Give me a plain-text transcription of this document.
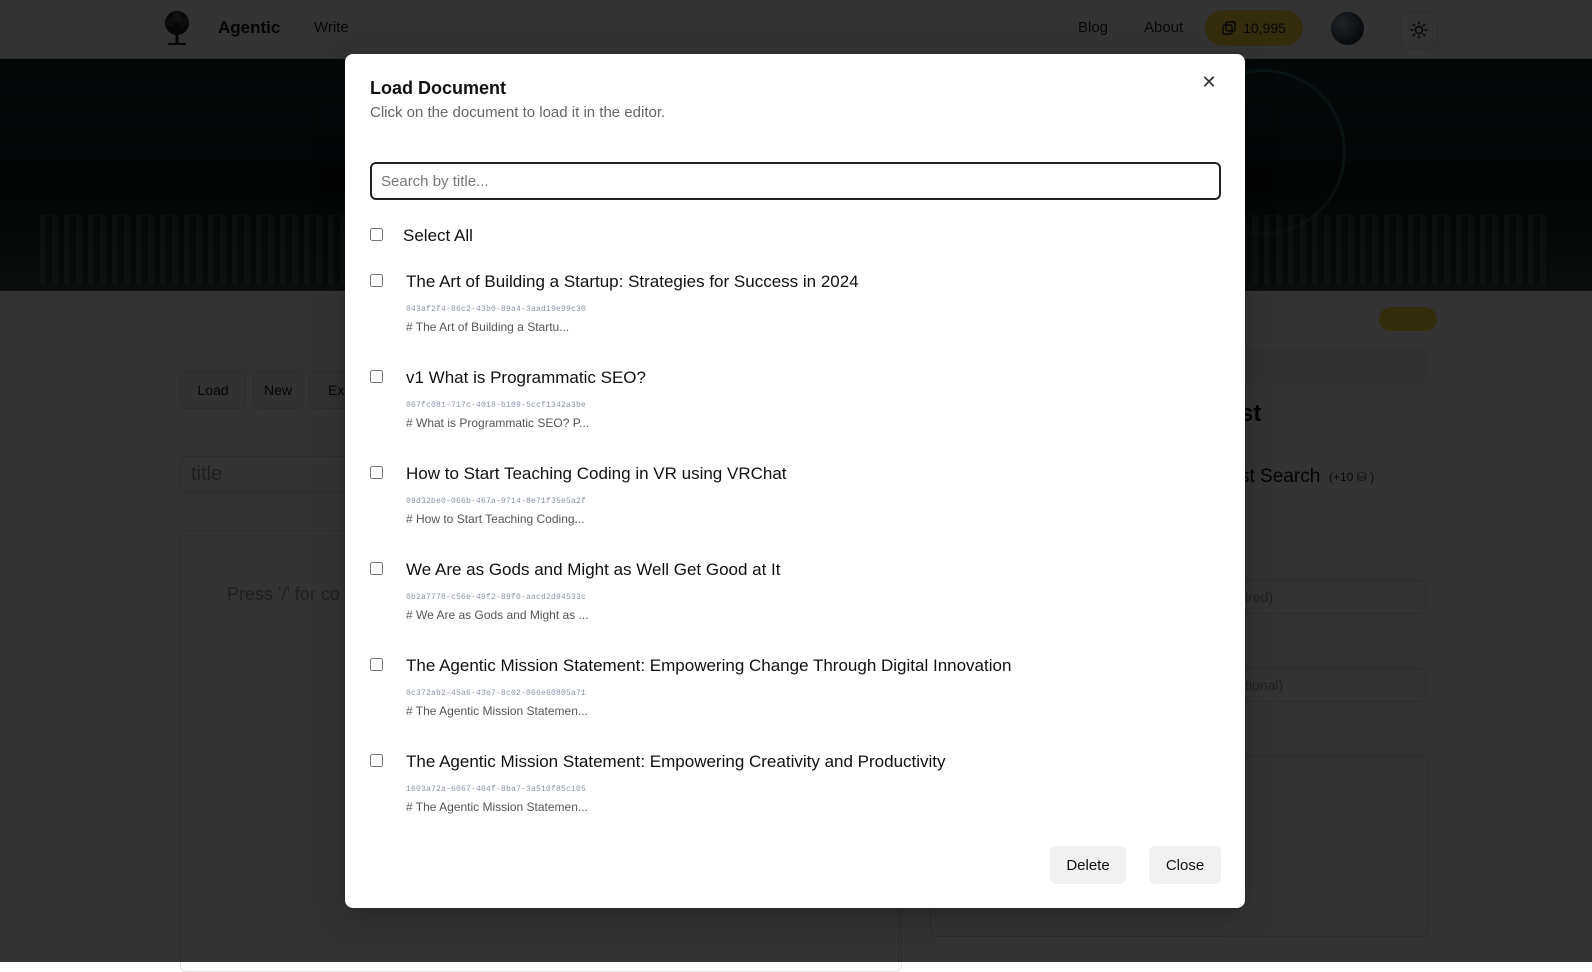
Load Document
Click on the document to load it in the editor.
✕
Search by title...
Select All
The Art of Building a Startup: Strategies for Success in 2024
043af2f4-86c2-43b0-89a4-3aad19e99c30
# The Art of Building a Startu...
v1 What is Programmatic SEO?
067fc081-717c-4018-b109-5ccf1342a3be
# What is Programmatic SEO? P...
How to Start Teaching Coding in VR using VRChat
09d32be0-066b-467a-9714-8e71f35e5a2f
# How to Start Teaching Coding...
We Are as Gods and Might as Well Get Good at It
0b2a7778-c56e-49f2-89f0-aacd2d94533c
# We Are as Gods and Might as ...
The Agentic Mission Statement: Empowering Change Through Digital Innovation
0c372ab2-45a6-43e7-8c02-066e60805a71
# The Agentic Mission Statemen...
The Agentic Mission Statement: Empowering Creativity and Productivity
1603a72a-6067-494f-8ba7-3a510f85c105
# The Agentic Mission Statemen...
Delete	Close
